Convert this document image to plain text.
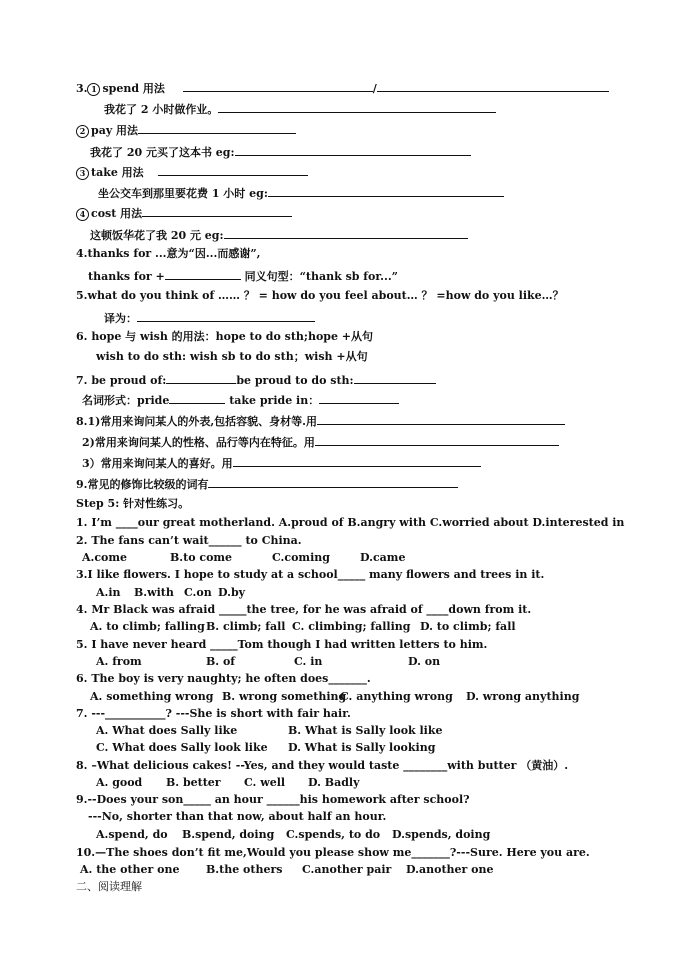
3. 1 spend 用法	/
我花了 2 小时做作业。
2 pay 用法
我花了 20 元买了这本书 eg:
3 take 用法
坐公交车到那里要花费 1 小时 eg:
4 cost 用法
这顿饭华花了我 20 元 eg:
4.thanks for ...意为“因...而感谢”,
thanks for +	同义句型：“thank sb for...”
5.what do you think of …… ？ = how do you feel about… ？ =how do you like…？
译为：
6. hope 与 wish 的用法：hope to do sth;hope +从句
wish to do sth: wish sb to do sth；wish +从句
7. be proud of:	be proud to do sth:
名词形式：pride	take pride in：
8.1)常用来询问某人的外表,包括容貌、身材等.用
2)常用来询问某人的性格、品行等内在特征。用
3）常用来询问某人的喜好。用
9.常见的修饰比较级的词有
Step 5: 针对性练习。
1. I’m ____our great motherland. A.proud of B.angry with C.worried about D.interested in
2. The fans can’t wait______ to China.
A.come	B.to come	C.coming	D.came
3.I like flowers. I hope to study at a school_____ many flowers and trees in it.
A.in B.with C.on D.by
4. Mr Black was afraid _____the tree, for he was afraid of ____down from it.
A. to climb; falling B. climb; fall C. climbing; falling D. to climb; fall
5. I have never heard _____Tom though I had written letters to him.
A. from	B. of	C. in	D. on
6. The boy is very naughty; he often does_______.
A. something wrong B. wrong something
C. anything wrong D. wrong anything
7. ---___________? ---She is short with fair hair.
A. What does Sally like	B. What is Sally look like
C. What does Sally look like D. What is Sally looking
8. –What delicious cakes! --Yes, and they would taste ________with butter （黄油）.
A. good B. better C. well D. Badly
9.--Does your son_____ an hour ______his homework after school?
---No, shorter than that now, about half an hour.
A.spend, do B.spend, doing C.spends, to do D.spends, doing
10.—The shoes don’t fit me,Would you please show me_______?---Sure. Here you are.
A. the other one B.the others C.another pair D.another one
二、阅读理解
